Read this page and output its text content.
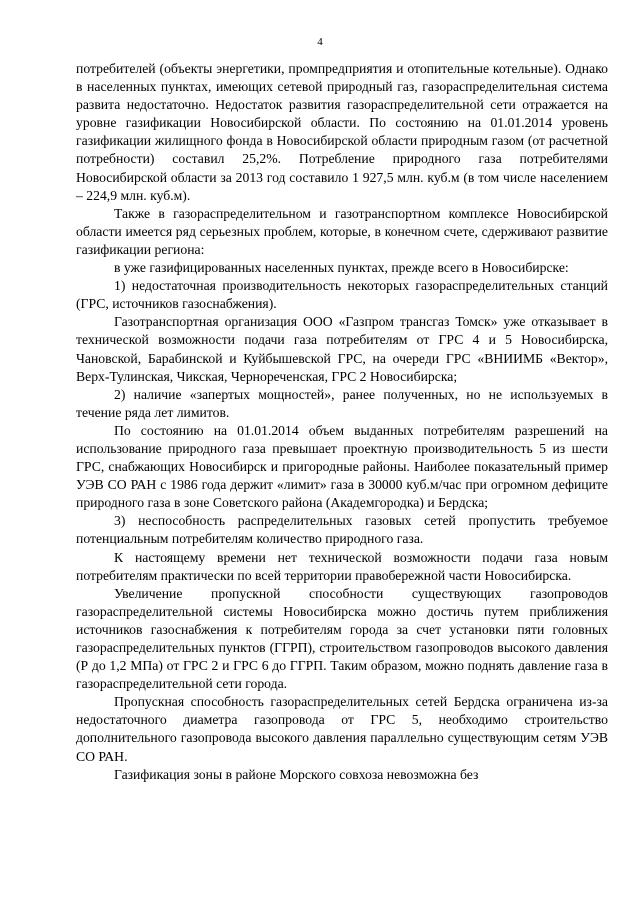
4

потребителей (объекты энергетики, промпредприятия и отопительные котельные). Однако в населенных пунктах, имеющих сетевой природный газ, газораспределительная система развита недостаточно. Недостаток развития газораспределительной сети отражается на уровне газификации Новосибирской области. По состоянию на 01.01.2014 уровень газификации жилищного фонда в Новосибирской области природным газом (от расчетной потребности) составил 25,2%. Потребление природного газа потребителями Новосибирской области за 2013 год составило 1 927,5 млн. куб.м (в том числе населением – 224,9 млн. куб.м).

Также в газораспределительном и газотранспортном комплексе Новосибирской области имеется ряд серьезных проблем, которые, в конечном счете, сдерживают развитие газификации региона:

в уже газифицированных населенных пунктах, прежде всего в Новосибирске:

1) недостаточная производительность некоторых газораспределительных станций (ГРС, источников газоснабжения).

Газотранспортная организация ООО «Газпром трансгаз Томск» уже отказывает в технической возможности подачи газа потребителям от ГРС 4 и 5 Новосибирска, Чановской, Барабинской и Куйбышевской ГРС, на очереди ГРС «ВНИИМБ «Вектор», Верх-Тулинская, Чикская, Чернореченская, ГРС 2 Новосибирска;

2) наличие «запертых мощностей», ранее полученных, но не используемых в течение ряда лет лимитов.

По состоянию на 01.01.2014 объем выданных потребителям разрешений на использование природного газа превышает проектную производительность 5 из шести ГРС, снабжающих Новосибирск и пригородные районы. Наиболее показательный пример УЭВ СО РАН с 1986 года держит «лимит» газа в 30000 куб.м/час при огромном дефиците природного газа в зоне Советского района (Академгородка) и Бердска;

3) неспособность распределительных газовых сетей пропустить требуемое потенциальным потребителям количество природного газа.

К настоящему времени нет технической возможности подачи газа новым потребителям практически по всей территории правобережной части Новосибирска.

Увеличение пропускной способности существующих газопроводов газораспределительной системы Новосибирска можно достичь путем приближения источников газоснабжения к потребителям города за счет установки пяти головных газораспределительных пунктов (ГГРП), строительством газопроводов высокого давления (Р до 1,2 МПа) от ГРС 2 и ГРС 6 до ГГРП. Таким образом, можно поднять давление газа в газораспределительной сети города.

Пропускная способность газораспределительных сетей Бердска ограничена из-за недостаточного диаметра газопровода от ГРС 5, необходимо строительство дополнительного газопровода высокого давления параллельно существующим сетям УЭВ СО РАН.

Газификация зоны в районе Морского совхоза невозможна без
